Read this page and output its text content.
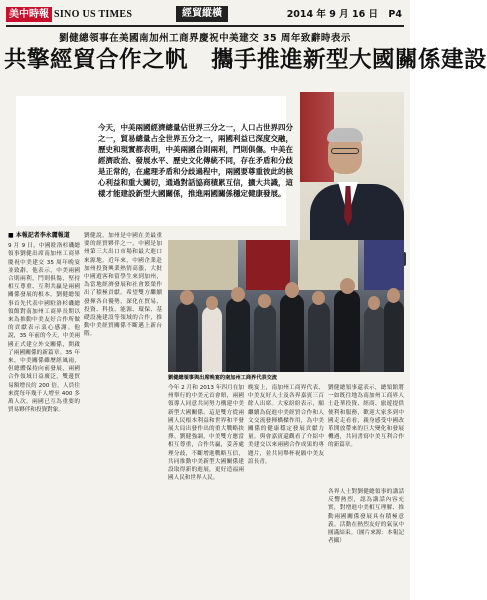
美中時報 SINO US TIMES	經貿縱橫	2014 年 9 月 16 日 P4
劉健總領事在美國南加州工商界慶祝中美建交 35 周年致辭時表示
共擎經貿合作之帆　攜手推進新型大國關係建設
今天，中美兩國經濟總量佔世界三分之一，人口占世界四分之一，貿易總量占全世界五分之一，兩國利益已深度交融，歷史和現實都表明，中美兩國合則兩利，鬥則俱傷。中美在經濟政治、發展水平、歷史文化傳統不同，存在矛盾和分歧是正常的，在處理矛盾和分歧過程中，兩國要尊重彼此的核心利益和重大關切，通過對話協商積累互信，擴大共識，這樣才能建設新型大國關係，推進兩國關係穩定健康發展。
■ 本報記者李永麗報道
9 月 9 日，中國駐洛杉磯總領事劉健出席南加州工商界慶祝中美建交 35 周年晚宴並致辭。他表示，中美兩國合則兩利，鬥則俱傷，堅持相互尊重、互利共贏是兩國關係發展的根本。劉健總領事首先代表中國駐洛杉磯總領館對南加州工商界長期以來為推動中美友好合作所做的貢獻表示衷心感謝。他說，35 年前的今天，中美兩國正式建立外交關係，開啟了兩國關係的新篇章。35 年來，中美關係雖歷經風雨，但總體保持向前發展，兩國合作領域日益廣泛，雙邊貿易額增長約 200 倍，人員往來從每年幾千人增至 400 多萬人次，兩國已互為重要的貿易夥伴和投資對象。
劉健說，加州是中國在美最重要的經貿夥伴之一，中國是加州第三大出口市場和最大進口來源地。近年來，中國企業赴加州投資興業熱情高漲，大批中國遊客和留學生來到加州，為當地經濟發展和社會繁榮作出了積極貢獻。希望雙方繼續發揮各自優勢，深化在貿易、投資、科技、能源、環保、基礎設施建設等領域的合作，推動中美經貿關係不斷邁上新台階。
劉健總領事與出席晚宴的南加州工商界代表交流
今年 2 月和 2013 年四月在加州舉行的中美元首會晤，兩國領導人同意共同努力構建中美新型大國關係。這是雙方從兩國人民根本利益和世界和平發展大局出發作出的重大戰略抉擇。劉健強調，中美雙方應當相互尊重，合作共贏，妥善處理分歧，不斷增進戰略互信，共同推動中美新型大國關係建設取得新的進展，更好造福兩國人民和世界人民。
晚宴上，南加州工商界代表、中美友好人士及各界嘉賓三百餘人出席。大家紛紛表示，願繼續為促進中美經貿合作和人文交流發揮橋樑作用，為中美關係的健康穩定發展貢獻力量。與會嘉賓還觀看了介紹中美建交以來兩國合作成果的專題片，並共同舉杯祝願中美友誼長青。
劉健總領事還表示，總領館將一如既往地為南加州工商界人士赴華投資、經商、旅遊提供便利和服務，歡迎大家多到中國走走看看，親身感受中國改革開放帶來的巨大變化和發展機遇，共同書寫中美互利合作的新篇章。
各界人士對劉健總領事的講話反響熱烈，認為講話內容充實，對增進中美相互理解、推動兩國關係發展具有積極意義。活動在熱烈友好的氣氛中圓滿結束。（圖片來源：本報記者攝）
